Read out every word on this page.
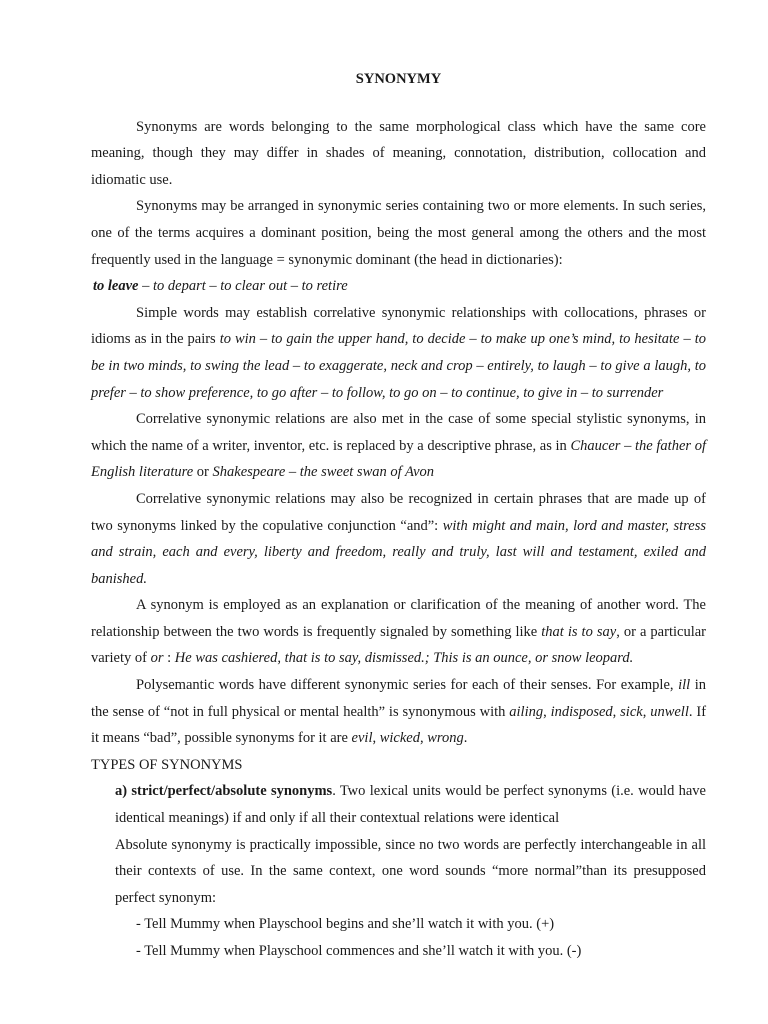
SYNONYMY

Synonyms are words belonging to the same morphological class which have the same core meaning, though they may differ in shades of meaning, connotation, distribution, collocation and idiomatic use.

Synonyms may be arranged in synonymic series containing two or more elements. In such series, one of the terms acquires a dominant position, being the most general among the others and the most frequently used in the language = synonymic dominant (the head in dictionaries):

to leave – to depart – to clear out – to retire

Simple words may establish correlative synonymic relationships with collocations, phrases or idioms as in the pairs to win – to gain the upper hand, to decide – to make up one’s mind, to hesitate – to be in two minds, to swing the lead – to exaggerate, neck and crop – entirely, to laugh – to give a laugh, to prefer – to show preference, to go after – to follow, to go on – to continue, to give in – to surrender

Correlative synonymic relations are also met in the case of some special stylistic synonyms, in which the name of a writer, inventor, etc. is replaced by a descriptive phrase, as in Chaucer – the father of English literature or Shakespeare – the sweet swan of Avon

Correlative synonymic relations may also be recognized in certain phrases that are made up of two synonyms linked by the copulative conjunction “and”: with might and main, lord and master, stress and strain, each and every, liberty and freedom, really and truly, last will and testament, exiled and banished.

A synonym is employed as an explanation or clarification of the meaning of another word. The relationship between the two words is frequently signaled by something like that is to say, or a particular variety of or : He was cashiered, that is to say, dismissed.; This is an ounce, or snow leopard.

Polysemantic words have different synonymic series for each of their senses. For example, ill in the sense of “not in full physical or mental health” is synonymous with ailing, indisposed, sick, unwell. If it means “bad”, possible synonyms for it are evil, wicked, wrong.

TYPES OF SYNONYMS

a) strict/perfect/absolute synonyms. Two lexical units would be perfect synonyms (i.e. would have identical meanings) if and only if all their contextual relations were identical

Absolute synonymy is practically impossible, since no two words are perfectly interchangeable in all their contexts of use. In the same context, one word sounds “more normal”than its presupposed perfect synonym:

- Tell Mummy when Playschool begins and she’ll watch it with you. (+)

- Tell Mummy when Playschool commences and she’ll watch it with you. (-)
